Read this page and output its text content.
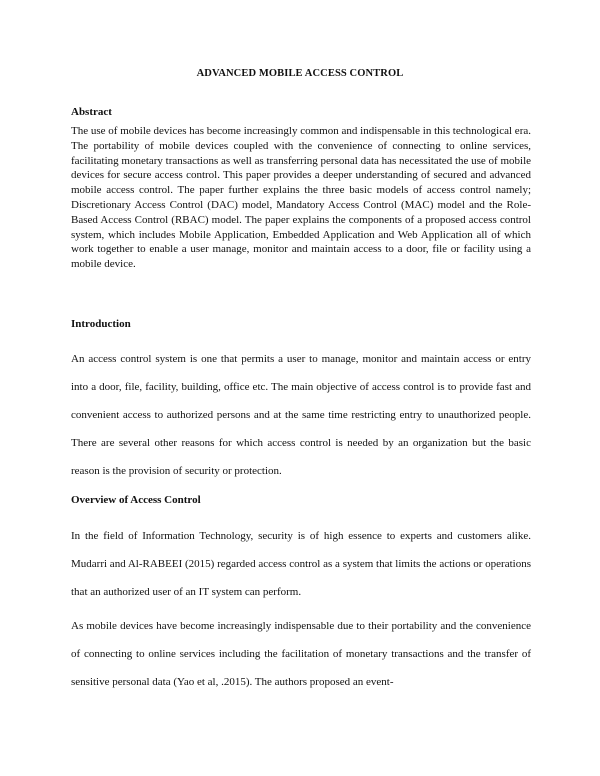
ADVANCED MOBILE ACCESS CONTROL
Abstract
The use of mobile devices has become increasingly common and indispensable in this technological era. The portability of mobile devices coupled with the convenience of connecting to online services, facilitating monetary transactions as well as transferring personal data has necessitated the use of mobile devices for secure access control. This paper provides a deeper understanding of secured and advanced mobile access control. The paper further explains the three basic models of access control namely; Discretionary Access Control (DAC) model, Mandatory Access Control (MAC) model and the Role-Based Access Control (RBAC) model. The paper explains the components of a proposed access control system, which includes Mobile Application, Embedded Application and Web Application all of which work together to enable a user manage, monitor and maintain access to a door, file or facility using a mobile device.
Introduction
An access control system is one that permits a user to manage, monitor and maintain access or entry into a door, file, facility, building, office etc. The main objective of access control is to provide fast and convenient access to authorized persons and at the same time restricting entry to unauthorized people. There are several other reasons for which access control is needed by an organization but the basic reason is the provision of security or protection.
Overview of Access Control
In the field of Information Technology, security is of high essence to experts and customers alike. Mudarri and Al-RABEEI (2015) regarded access control as a system that limits the actions or operations that an authorized user of an IT system can perform.
As mobile devices have become increasingly indispensable due to their portability and the convenience of connecting to online services including the facilitation of monetary transactions and the transfer of sensitive personal data (Yao et al, .2015). The authors proposed an event-
